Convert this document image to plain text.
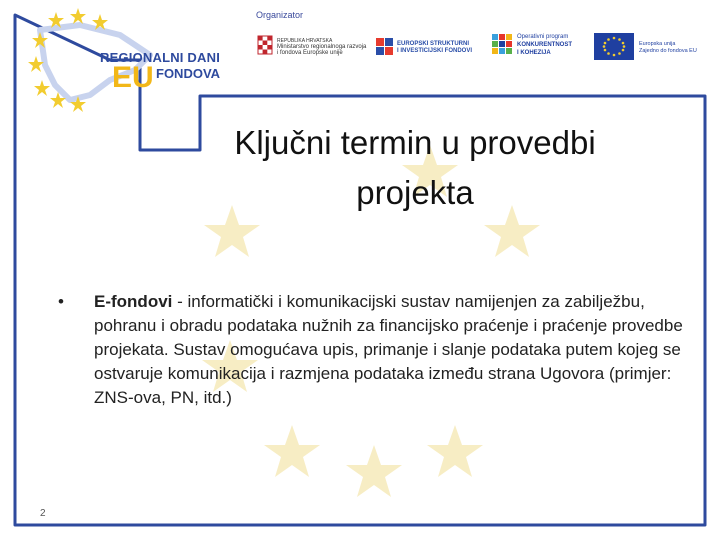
REGIONALNI DANI
EU FONDOVA
Organizator
REPUBLIKA HRVATSKA
Ministarstvo regionalnoga razvoja
i fondova Europske unije
EUROPSKI STRUKTURNI
I INVESTICIJSKI FONDOVI
Operativni program
KONKURENTNOST
I KOHEZIJA
Europska unija
Zajedno do fondova EU
Ključni termin u provedbi
projekta
• E-fondovi - informatički i komunikacijski sustav namijenjen za zabilježbu, pohranu i obradu podataka nužnih za financijsko praćenje i praćenje provedbe projekata. Sustav omogućava upis, primanje i slanje podataka putem kojeg se ostvaruje komunikacija i razmjena podataka između strana Ugovora (primjer: ZNS-ova, PN, itd.)
2
